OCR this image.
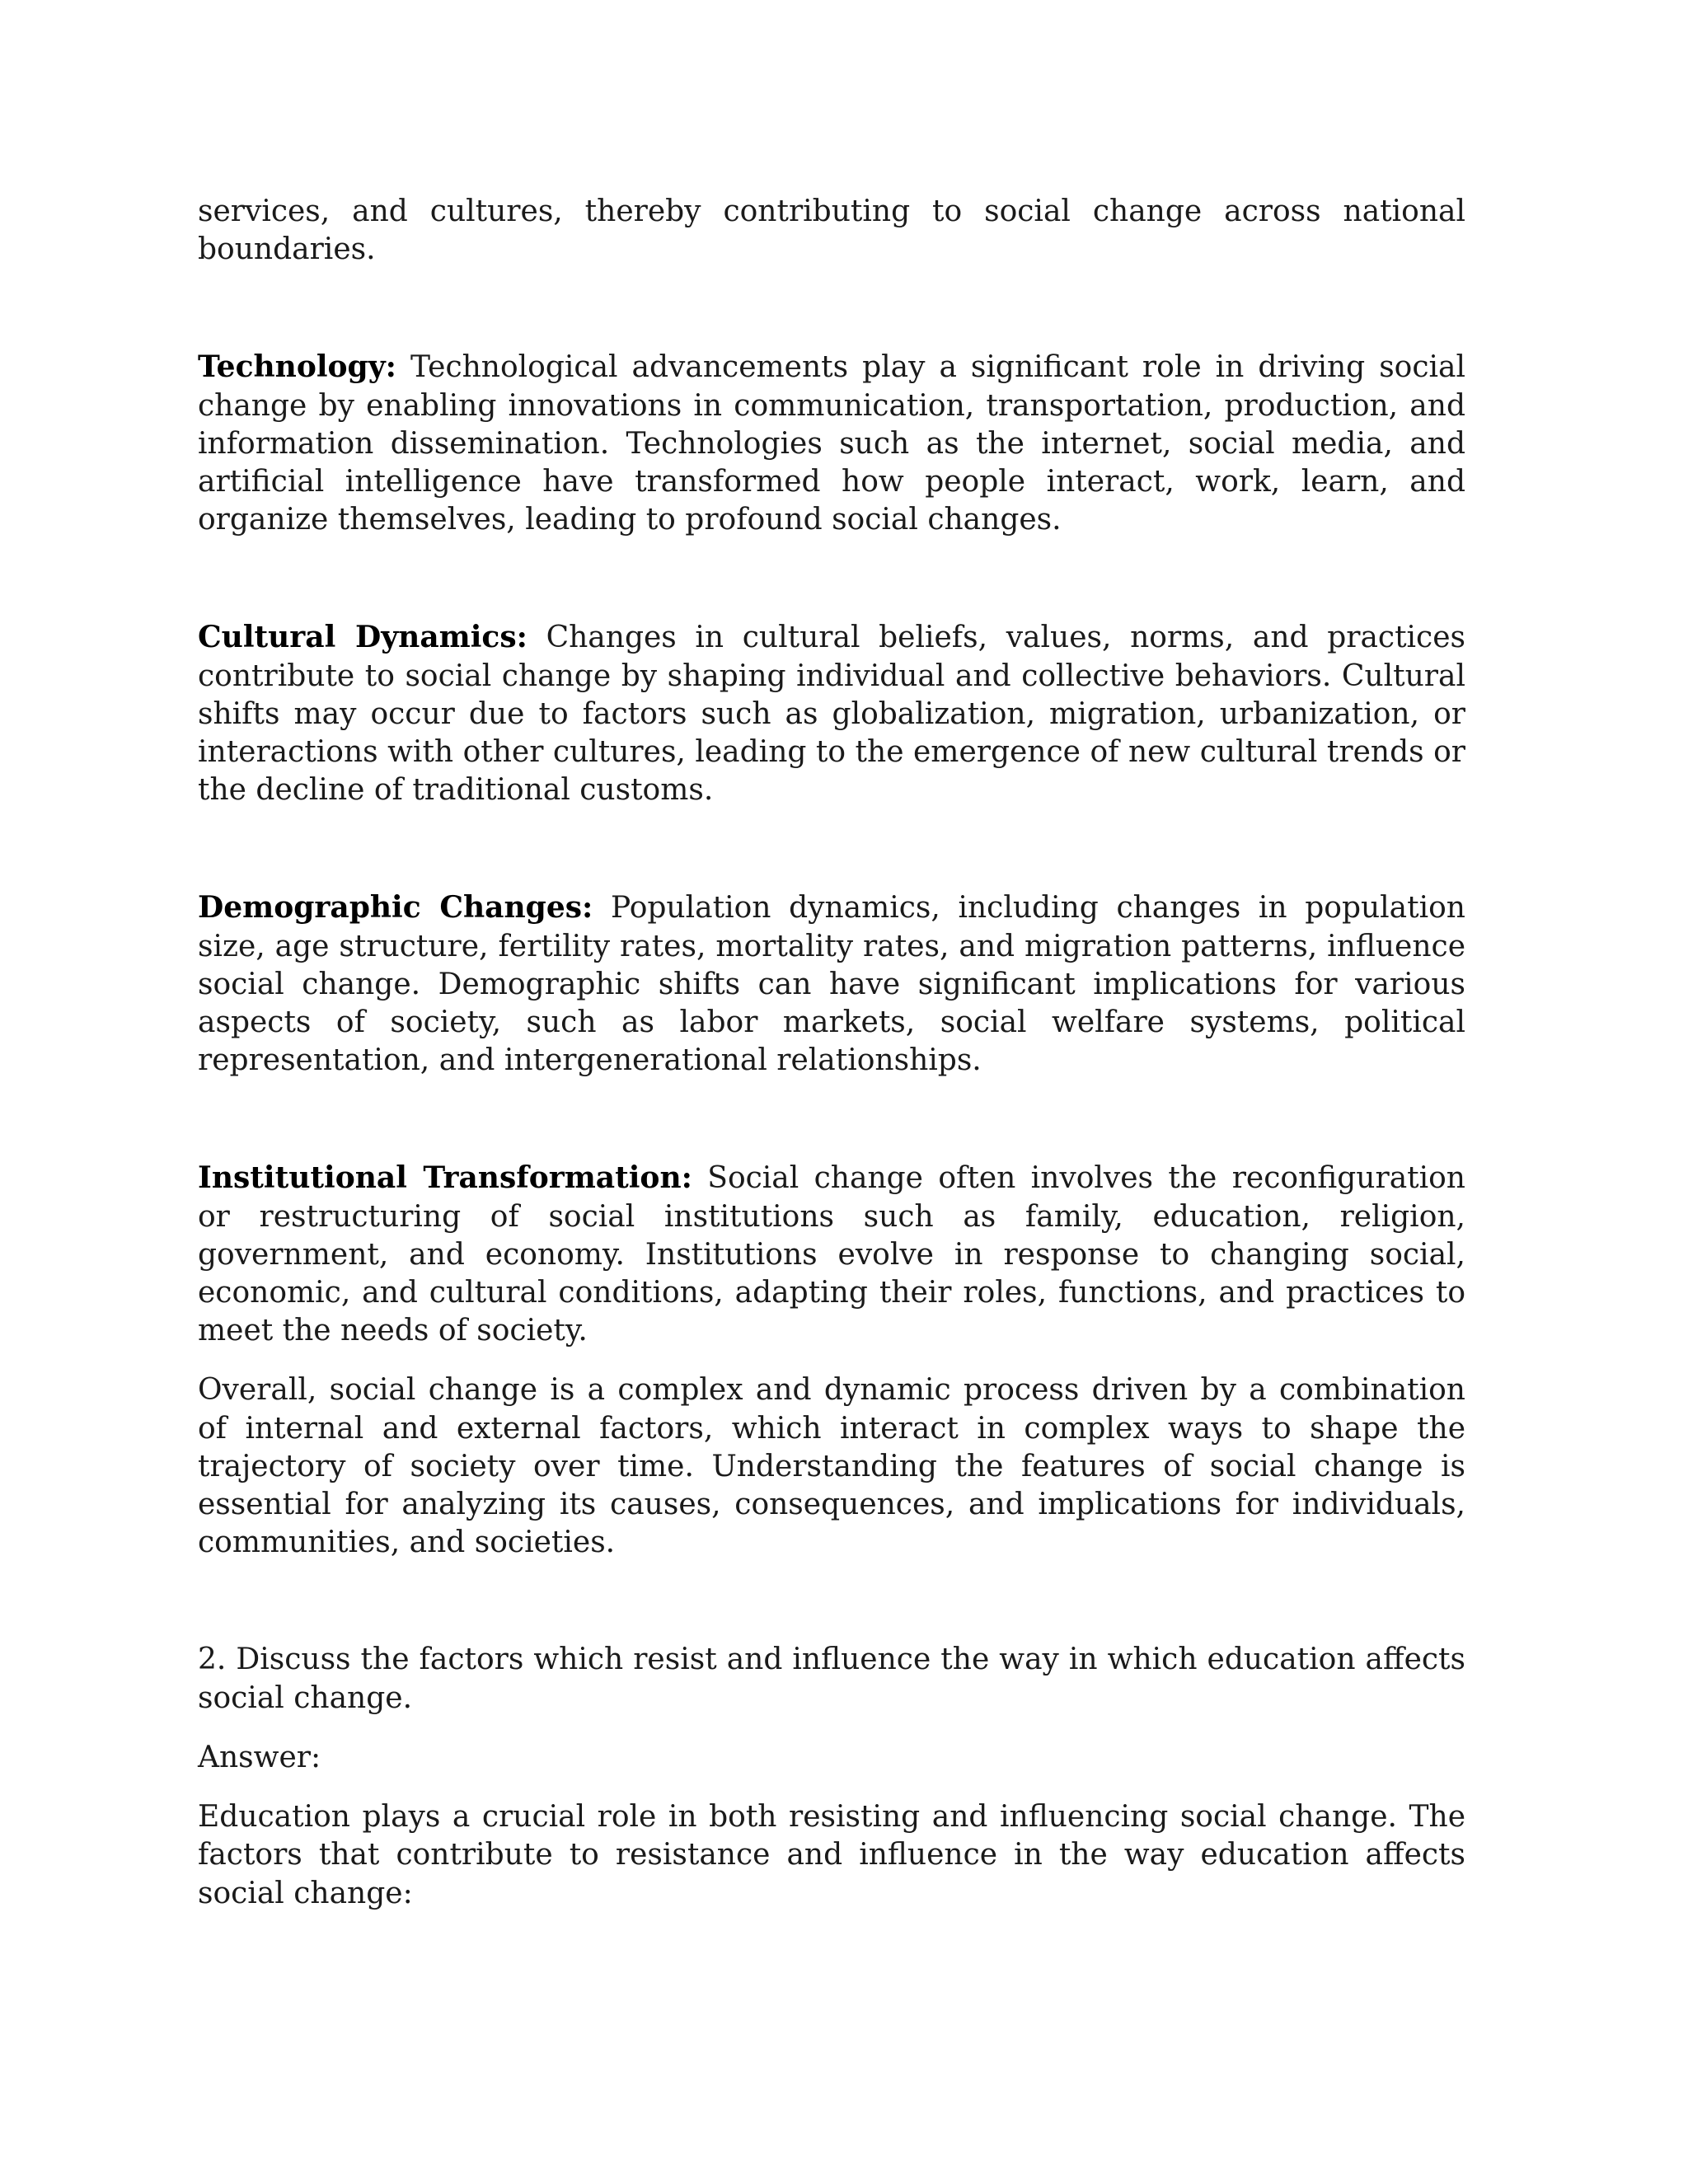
services, and cultures, thereby contributing to social change across national boundaries.

Technology: Technological advancements play a significant role in driving social change by enabling innovations in communication, transportation, production, and information dissemination. Technologies such as the internet, social media, and artificial intelligence have transformed how people interact, work, learn, and organize themselves, leading to profound social changes.

Cultural Dynamics: Changes in cultural beliefs, values, norms, and practices contribute to social change by shaping individual and collective behaviors. Cultural shifts may occur due to factors such as globalization, migration, urbanization, or interactions with other cultures, leading to the emergence of new cultural trends or the decline of traditional customs.

Demographic Changes: Population dynamics, including changes in population size, age structure, fertility rates, mortality rates, and migration patterns, influence social change. Demographic shifts can have significant implications for various aspects of society, such as labor markets, social welfare systems, political representation, and intergenerational relationships.

Institutional Transformation: Social change often involves the reconfiguration or restructuring of social institutions such as family, education, religion, government, and economy. Institutions evolve in response to changing social, economic, and cultural conditions, adapting their roles, functions, and practices to meet the needs of society.

Overall, social change is a complex and dynamic process driven by a combination of internal and external factors, which interact in complex ways to shape the trajectory of society over time. Understanding the features of social change is essential for analyzing its causes, consequences, and implications for individuals, communities, and societies.

2. Discuss the factors which resist and influence the way in which education affects social change.

Answer:

Education plays a crucial role in both resisting and influencing social change. The factors that contribute to resistance and influence in the way education affects social change:
